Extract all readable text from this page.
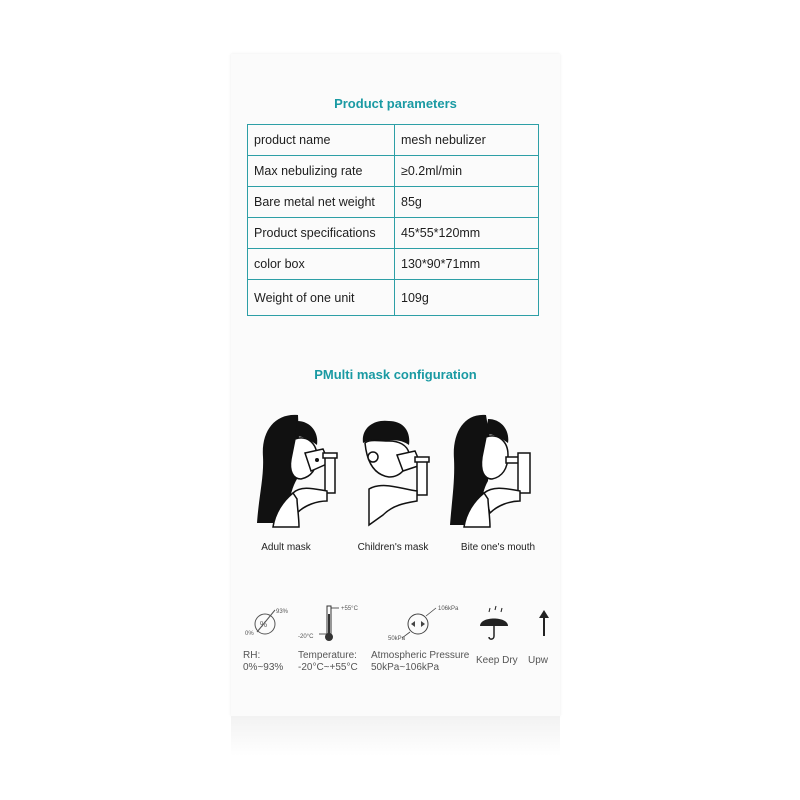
Product parameters
product name	mesh nebulizer
Max nebulizing rate	≥0.2ml/min
Bare metal net weight	85g
Product specifications	45*55*120mm
color box	130*90*71mm
Weight of one unit	109g
PMulti mask configuration
Adult mask	Children's mask	Bite one's mouth
%
93%
0%
RH:
0%~93%
+55°C
-20°C
Temperature:
-20°C~+55°C
106kPa
50kPa
Atmospheric Pressure
50kPa~106kPa
Keep Dry Upw
